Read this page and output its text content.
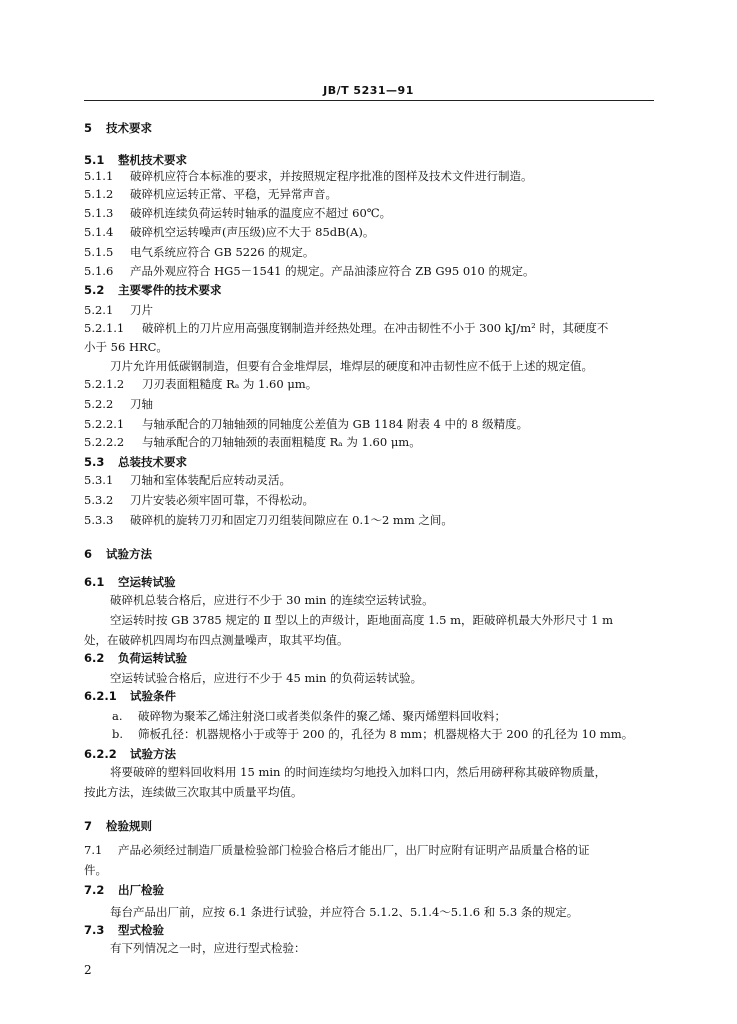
JB/T 5231—91
5 技术要求
5.1 整机技术要求
5.1.1 破碎机应符合本标准的要求，并按照规定程序批准的图样及技术文件进行制造。
5.1.2 破碎机应运转正常、平稳，无异常声音。
5.1.3 破碎机连续负荷运转时轴承的温度应不超过 60℃。
5.1.4 破碎机空运转噪声(声压级)应不大于 85dB(A)。
5.1.5 电气系统应符合 GB 5226 的规定。
5.1.6 产品外观应符合 HG5－1541 的规定。产品油漆应符合 ZB G95 010 的规定。
5.2 主要零件的技术要求
5.2.1 刀片
5.2.1.1 破碎机上的刀片应用高强度钢制造并经热处理。在冲击韧性不小于 300 kJ/m² 时，其硬度不
小于 56 HRC。
刀片允许用低碳钢制造，但要有合金堆焊层，堆焊层的硬度和冲击韧性应不低于上述的规定值。
5.2.1.2 刀刃表面粗糙度 Rₐ 为 1.60 μm。
5.2.2 刀轴
5.2.2.1 与轴承配合的刀轴轴颈的同轴度公差值为 GB 1184 附表 4 中的 8 级精度。
5.2.2.2 与轴承配合的刀轴轴颈的表面粗糙度 Rₐ 为 1.60 μm。
5.3 总装技术要求
5.3.1 刀轴和室体装配后应转动灵活。
5.3.2 刀片安装必须牢固可靠，不得松动。
5.3.3 破碎机的旋转刀刃和固定刀刃组装间隙应在 0.1～2 mm 之间。
6 试验方法
6.1 空运转试验
破碎机总装合格后，应进行不少于 30 min 的连续空运转试验。
空运转时按 GB 3785 规定的 Ⅱ 型以上的声级计，距地面高度 1.5 m，距破碎机最大外形尺寸 1 m
处，在破碎机四周均布四点测量噪声，取其平均值。
6.2 负荷运转试验
空运转试验合格后，应进行不少于 45 min 的负荷运转试验。
6.2.1 试验条件
a. 破碎物为聚苯乙烯注射浇口或者类似条件的聚乙烯、聚丙烯塑料回收料；
b. 筛板孔径：机器规格小于或等于 200 的，孔径为 8 mm；机器规格大于 200 的孔径为 10 mm。
6.2.2 试验方法
将要破碎的塑料回收料用 15 min 的时间连续均匀地投入加料口内，然后用磅秤称其破碎物质量，
按此方法，连续做三次取其中质量平均值。
7 检验规则
7.1 产品必须经过制造厂质量检验部门检验合格后才能出厂，出厂时应附有证明产品质量合格的证
件。
7.2 出厂检验
每台产品出厂前，应按 6.1 条进行试验，并应符合 5.1.2、5.1.4～5.1.6 和 5.3 条的规定。
7.3 型式检验
有下列情况之一时，应进行型式检验：
2
